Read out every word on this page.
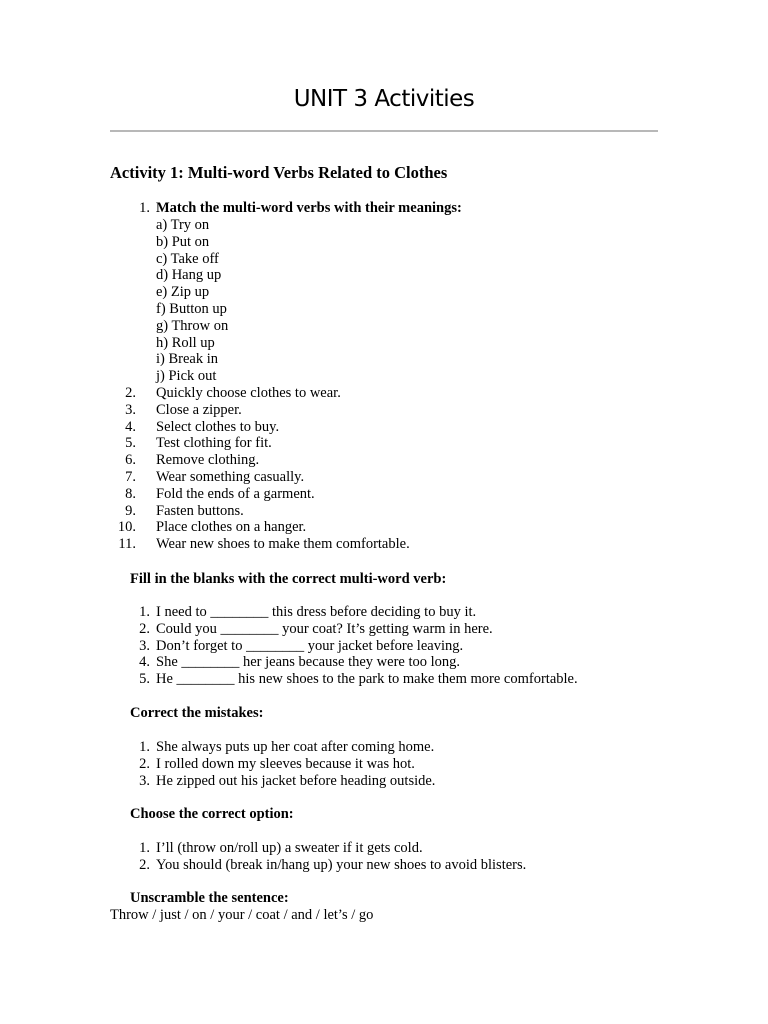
UNIT 3 Activities
Activity 1: Multi-word Verbs Related to Clothes
1. Match the multi-word verbs with their meanings:
a) Try on
b) Put on
c) Take off
d) Hang up
e) Zip up
f) Button up
g) Throw on
h) Roll up
i) Break in
j) Pick out
2.	Quickly choose clothes to wear.
3.	Close a zipper.
4.	Select clothes to buy.
5.	Test clothing for fit.
6.	Remove clothing.
7.	Wear something casually.
8.	Fold the ends of a garment.
9.	Fasten buttons.
10.	Place clothes on a hanger.
11.	Wear new shoes to make them comfortable.
Fill in the blanks with the correct multi-word verb:
1. I need to ________ this dress before deciding to buy it.
2. Could you ________ your coat? It’s getting warm in here.
3. Don’t forget to ________ your jacket before leaving.
4. She ________ her jeans because they were too long.
5. He ________ his new shoes to the park to make them more comfortable.
Correct the mistakes:
1. She always puts up her coat after coming home.
2. I rolled down my sleeves because it was hot.
3. He zipped out his jacket before heading outside.
Choose the correct option:
1. I’ll (throw on/roll up) a sweater if it gets cold.
2. You should (break in/hang up) your new shoes to avoid blisters.
Unscramble the sentence:
Throw / just / on / your / coat / and / let’s / go
